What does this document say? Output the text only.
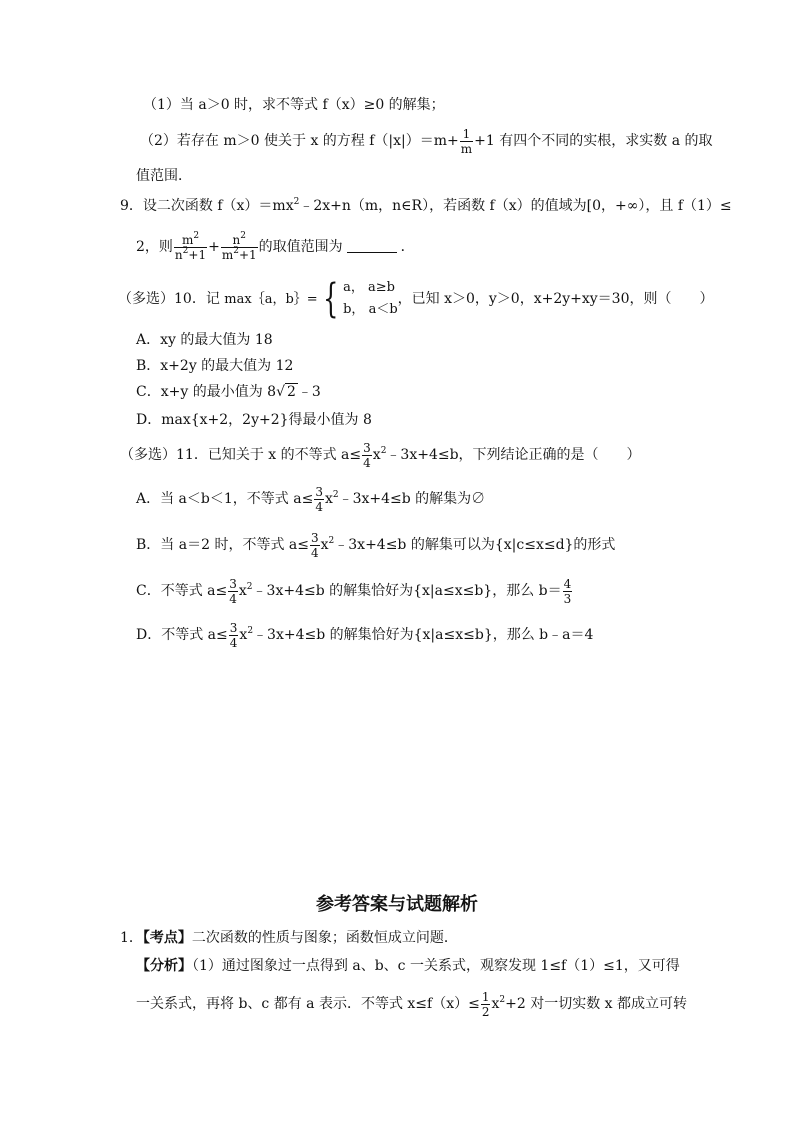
（1）当 a＞0 时，求不等式 f（x）≥0 的解集；
（2）若存在 m＞0 使关于 x 的方程 $f(|x|)=m+ \frac{1}{m} +1$ 有四个不同的实根，求实数 a 的取
值范围．
9．设二次函数 $f(x)=mx^2﹣2x+n(m$，n∈R），若函数 f（x）的值域为[0，+∞），且 f（1）≤
2，则 $\frac{m^2}{n^2+1} + \frac{n^2}{m^2+1}$ 的取值范围为	．
（多选）10．记 max｛a，b｝= { a， a≥b
b， a＜b
，已知 x＞0，y＞0，x+2y+xy＝30，则（　　）
A．xy 的最大值为 18
B．x+2y 的最大值为 12
C．x+y 的最小值为 8√ 2 ﹣3
D．max{x+2，2y+2}得最小值为 8
（多选）11．已知关于 x 的不等式 $a\le \frac{3}{4}$ $x^2﹣3x+4\le b$，下列结论正确的是（　　）
A．当 a＜b＜1，不等式 $a\le \frac{3}{4}$ $x^2﹣3x+4\le b$ 的解集为∅
B．当 a＝2 时，不等式 $a\le \frac{3}{4}$ $x^2﹣3x+4\le b$ 的解集可以为{x|c≤x≤d}的形式
C．不等式 $a\le \frac{3}{4}$ $x^2﹣3x+4\le b$ 的解集恰好为{x|a≤x≤b}，那么 $b= \frac{4}{3}$
D．不等式 $a\le \frac{3}{4}$ $x^2﹣3x+4\le b$ 的解集恰好为{x|a≤x≤b}，那么 b﹣a＝4
参考答案与试题解析
1．【考点】二次函数的性质与图象；函数恒成立问题．
【分析】（1）通过图象过一点得到 a、b、c 一关系式，观察发现 1≤f（1）≤1，又可得
一关系式，再将 b、c 都有 a 表示．不等式 $x\le f(x)\le \frac{1}{2} x^2+2$ 对一切实数 x 都成立可转
